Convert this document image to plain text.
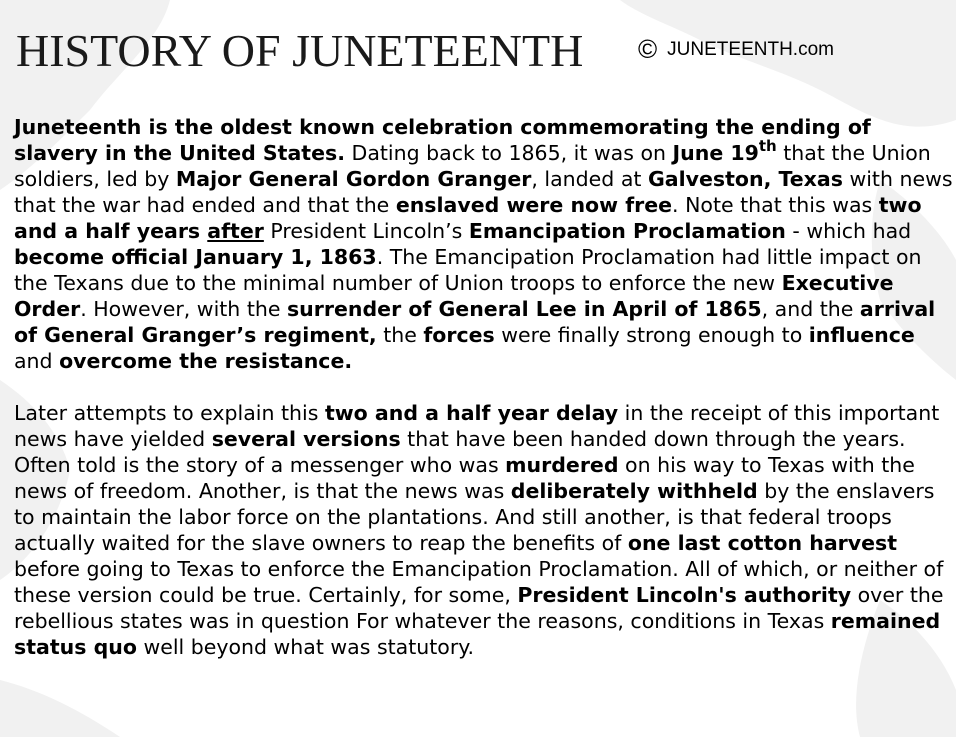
HISTORY OF JUNETEENTH © JUNETEENTH.com

Juneteenth is the oldest known celebration commemorating the ending of slavery in the United States. Dating back to 1865, it was on June 19th that the Union soldiers, led by Major General Gordon Granger, landed at Galveston, Texas with news that the war had ended and that the enslaved were now free. Note that this was two and a half years after President Lincoln’s Emancipation Proclamation - which had become official January 1, 1863. The Emancipation Proclamation had little impact on the Texans due to the minimal number of Union troops to enforce the new Executive Order. However, with the surrender of General Lee in April of 1865, and the arrival of General Granger’s regiment, the forces were finally strong enough to influence and overcome the resistance.

Later attempts to explain this two and a half year delay in the receipt of this important news have yielded several versions that have been handed down through the years. Often told is the story of a messenger who was murdered on his way to Texas with the news of freedom. Another, is that the news was deliberately withheld by the enslavers to maintain the labor force on the plantations. And still another, is that federal troops actually waited for the slave owners to reap the benefits of one last cotton harvest before going to Texas to enforce the Emancipation Proclamation. All of which, or neither of these version could be true. Certainly, for some, President Lincoln's authority over the rebellious states was in question For whatever the reasons, conditions in Texas remained status quo well beyond what was statutory.
